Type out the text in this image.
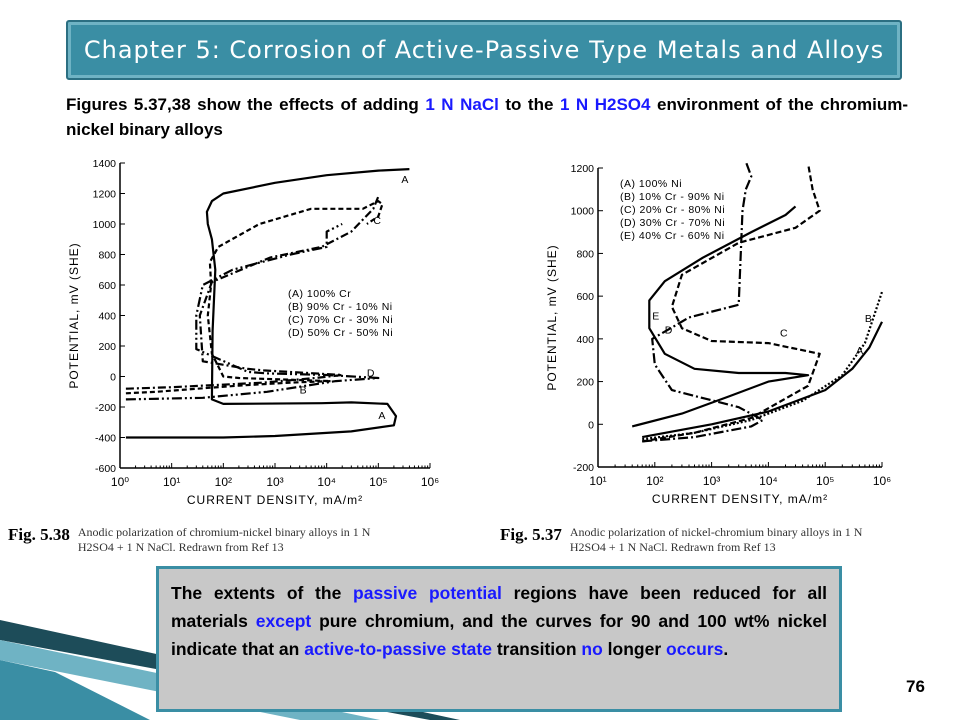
Chapter 5: Corrosion of Active-Passive Type Metals and Alloys
Figures 5.37,38 show the effects of adding 1 N NaCl to the 1 N H2SO4 environment of the chromium-nickel binary alloys
1400
1200
1000
800
600
400
200
0
-200
-400
-600
10⁰	10¹	10²	10³	10⁴	10⁵	10⁶
CURRENT DENSITY, mA/m²
POTENTIAL, mV (SHE)
A
A
B
C
D
(A) 100% Cr
(B) 90% Cr - 10% Ni
(C) 70% Cr - 30% Ni
(D) 50% Cr - 50% Ni
1200
1000
800
600
400
200
0
-200
10¹	10²	10³	10⁴	10⁵	10⁶
CURRENT DENSITY, mA/m²
POTENTIAL, mV (SHE)	A
B
C
D
E
(A) 100% Ni
(B) 10% Cr - 90% Ni
(C) 20% Cr - 80% Ni
(D) 30% Cr - 70% Ni
(E) 40% Cr - 60% Ni
Fig. 5.38 Anodic polarization of chromium-nickel binary alloys in 1 N
H2SO4 + 1 N NaCl. Redrawn from Ref 13
Fig. 5.37 Anodic polarization of nickel-chromium binary alloys in 1 N
H2SO4 + 1 N NaCl. Redrawn from Ref 13
The extents of the passive potential regions have been reduced for all materials except pure chromium, and the curves for 90 and 100 wt% nickel indicate that an active-to-passive state transition no longer occurs.
76
